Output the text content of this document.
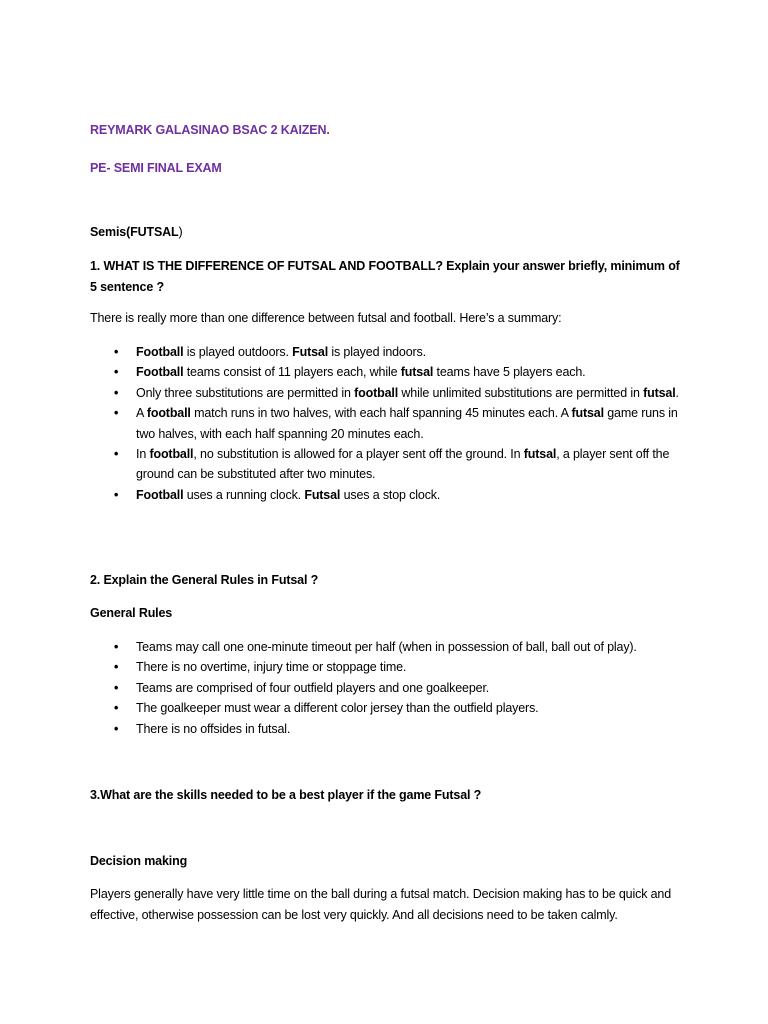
REYMARK GALASINAO BSAC 2 KAIZEN.

PE- SEMI FINAL EXAM

Semis(FUTSAL)

1. WHAT IS THE DIFFERENCE OF FUTSAL AND FOOTBALL? Explain your answer briefly, minimum of 5 sentence ?

There is really more than one difference between futsal and football. Here’s a summary:

• Football is played outdoors. Futsal is played indoors.
• Football teams consist of 11 players each, while futsal teams have 5 players each.
• Only three substitutions are permitted in football while unlimited substitutions are permitted in futsal.
• A football match runs in two halves, with each half spanning 45 minutes each. A futsal game runs in two halves, with each half spanning 20 minutes each.
• In football, no substitution is allowed for a player sent off the ground. In futsal, a player sent off the ground can be substituted after two minutes.
• Football uses a running clock. Futsal uses a stop clock.

2. Explain the General Rules in Futsal ?

General Rules

• Teams may call one one-minute timeout per half (when in possession of ball, ball out of play).
• There is no overtime, injury time or stoppage time.
• Teams are comprised of four outfield players and one goalkeeper.
• The goalkeeper must wear a different color jersey than the outfield players.
• There is no offsides in futsal.

3.What are the skills needed to be a best player if the game Futsal ?

Decision making

Players generally have very little time on the ball during a futsal match. Decision making has to be quick and effective, otherwise possession can be lost very quickly. And all decisions need to be taken calmly.
